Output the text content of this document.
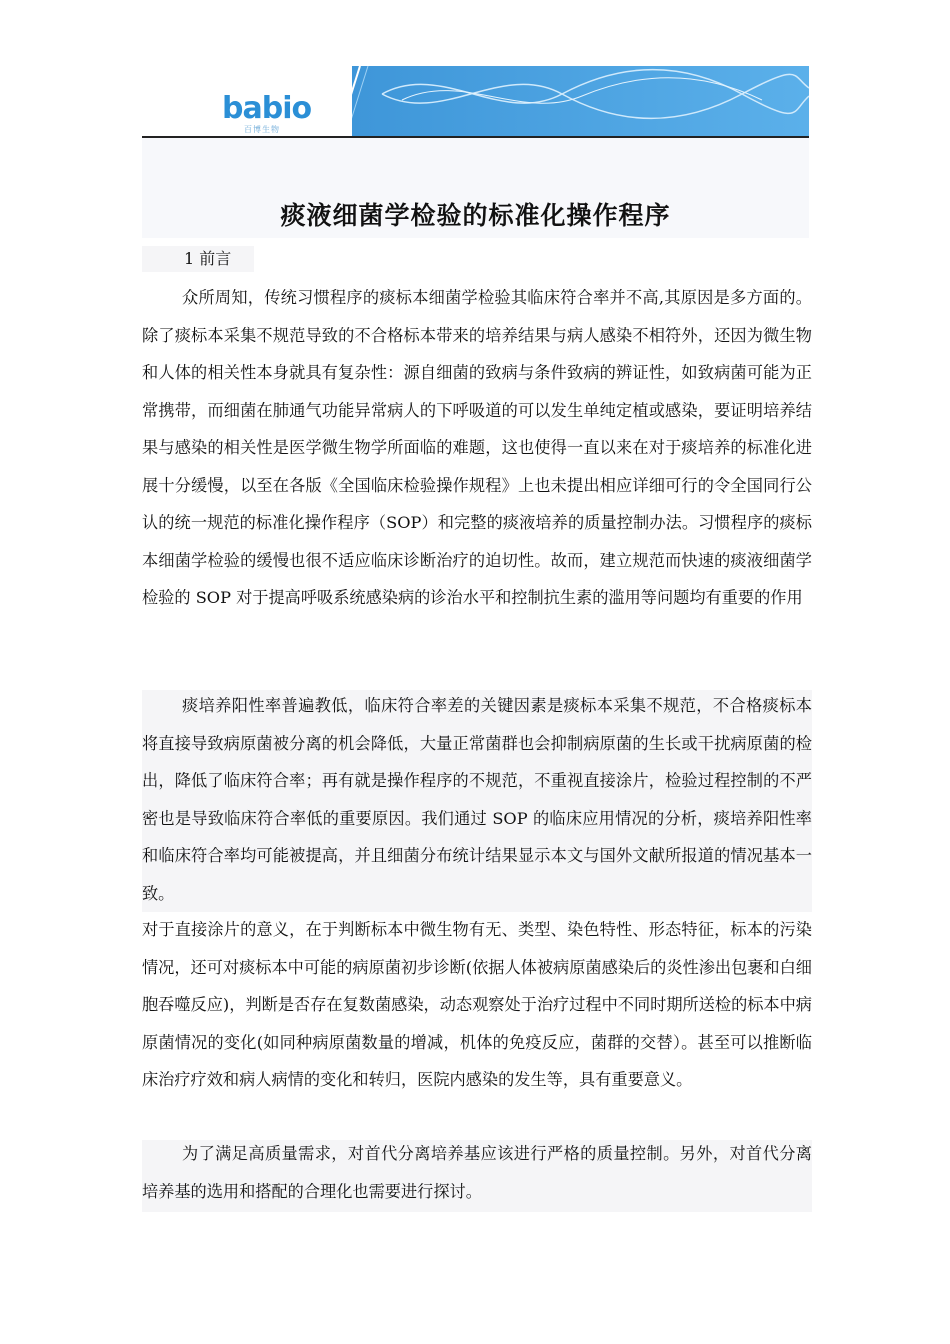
babio
百博生物
痰液细菌学检验的标准化操作程序
1 前言

众所周知，传统习惯程序的痰标本细菌学检验其临床符合率并不高,其原因是多方面的。除了痰标本采集不规范导致的不合格标本带来的培养结果与病人感染不相符外，还因为微生物和人体的相关性本身就具有复杂性：源自细菌的致病与条件致病的辨证性，如致病菌可能为正常携带，而细菌在肺通气功能异常病人的下呼吸道的可以发生单纯定植或感染，要证明培养结果与感染的相关性是医学微生物学所面临的难题，这也使得一直以来在对于痰培养的标准化进展十分缓慢，以至在各版《全国临床检验操作规程》上也未提出相应详细可行的令全国同行公认的统一规范的标准化操作程序（SOP）和完整的痰液培养的质量控制办法。习惯程序的痰标本细菌学检验的缓慢也很不适应临床诊断治疗的迫切性。故而，建立规范而快速的痰液细菌学检验的 SOP 对于提高呼吸系统感染病的诊治水平和控制抗生素的滥用等问题均有重要的作用

痰培养阳性率普遍教低，临床符合率差的关键因素是痰标本采集不规范，不合格痰标本将直接导致病原菌被分离的机会降低，大量正常菌群也会抑制病原菌的生长或干扰病原菌的检出，降低了临床符合率；再有就是操作程序的不规范，不重视直接涂片，检验过程控制的不严密也是导致临床符合率低的重要原因。我们通过 SOP 的临床应用情况的分析，痰培养阳性率和临床符合率均可能被提高，并且细菌分布统计结果显示本文与国外文献所报道的情况基本一致。

对于直接涂片的意义，在于判断标本中微生物有无、类型、染色特性、形态特征，标本的污染情况，还可对痰标本中可能的病原菌初步诊断(依据人体被病原菌感染后的炎性渗出包裹和白细胞吞噬反应)，判断是否存在复数菌感染，动态观察处于治疗过程中不同时期所送检的标本中病原菌情况的变化(如同种病原菌数量的增减，机体的免疫反应，菌群的交替）。甚至可以推断临床治疗疗效和病人病情的变化和转归，医院内感染的发生等，具有重要意义。

为了满足高质量需求，对首代分离培养基应该进行严格的质量控制。另外，对首代分离培养基的选用和搭配的合理化也需要进行探讨。
